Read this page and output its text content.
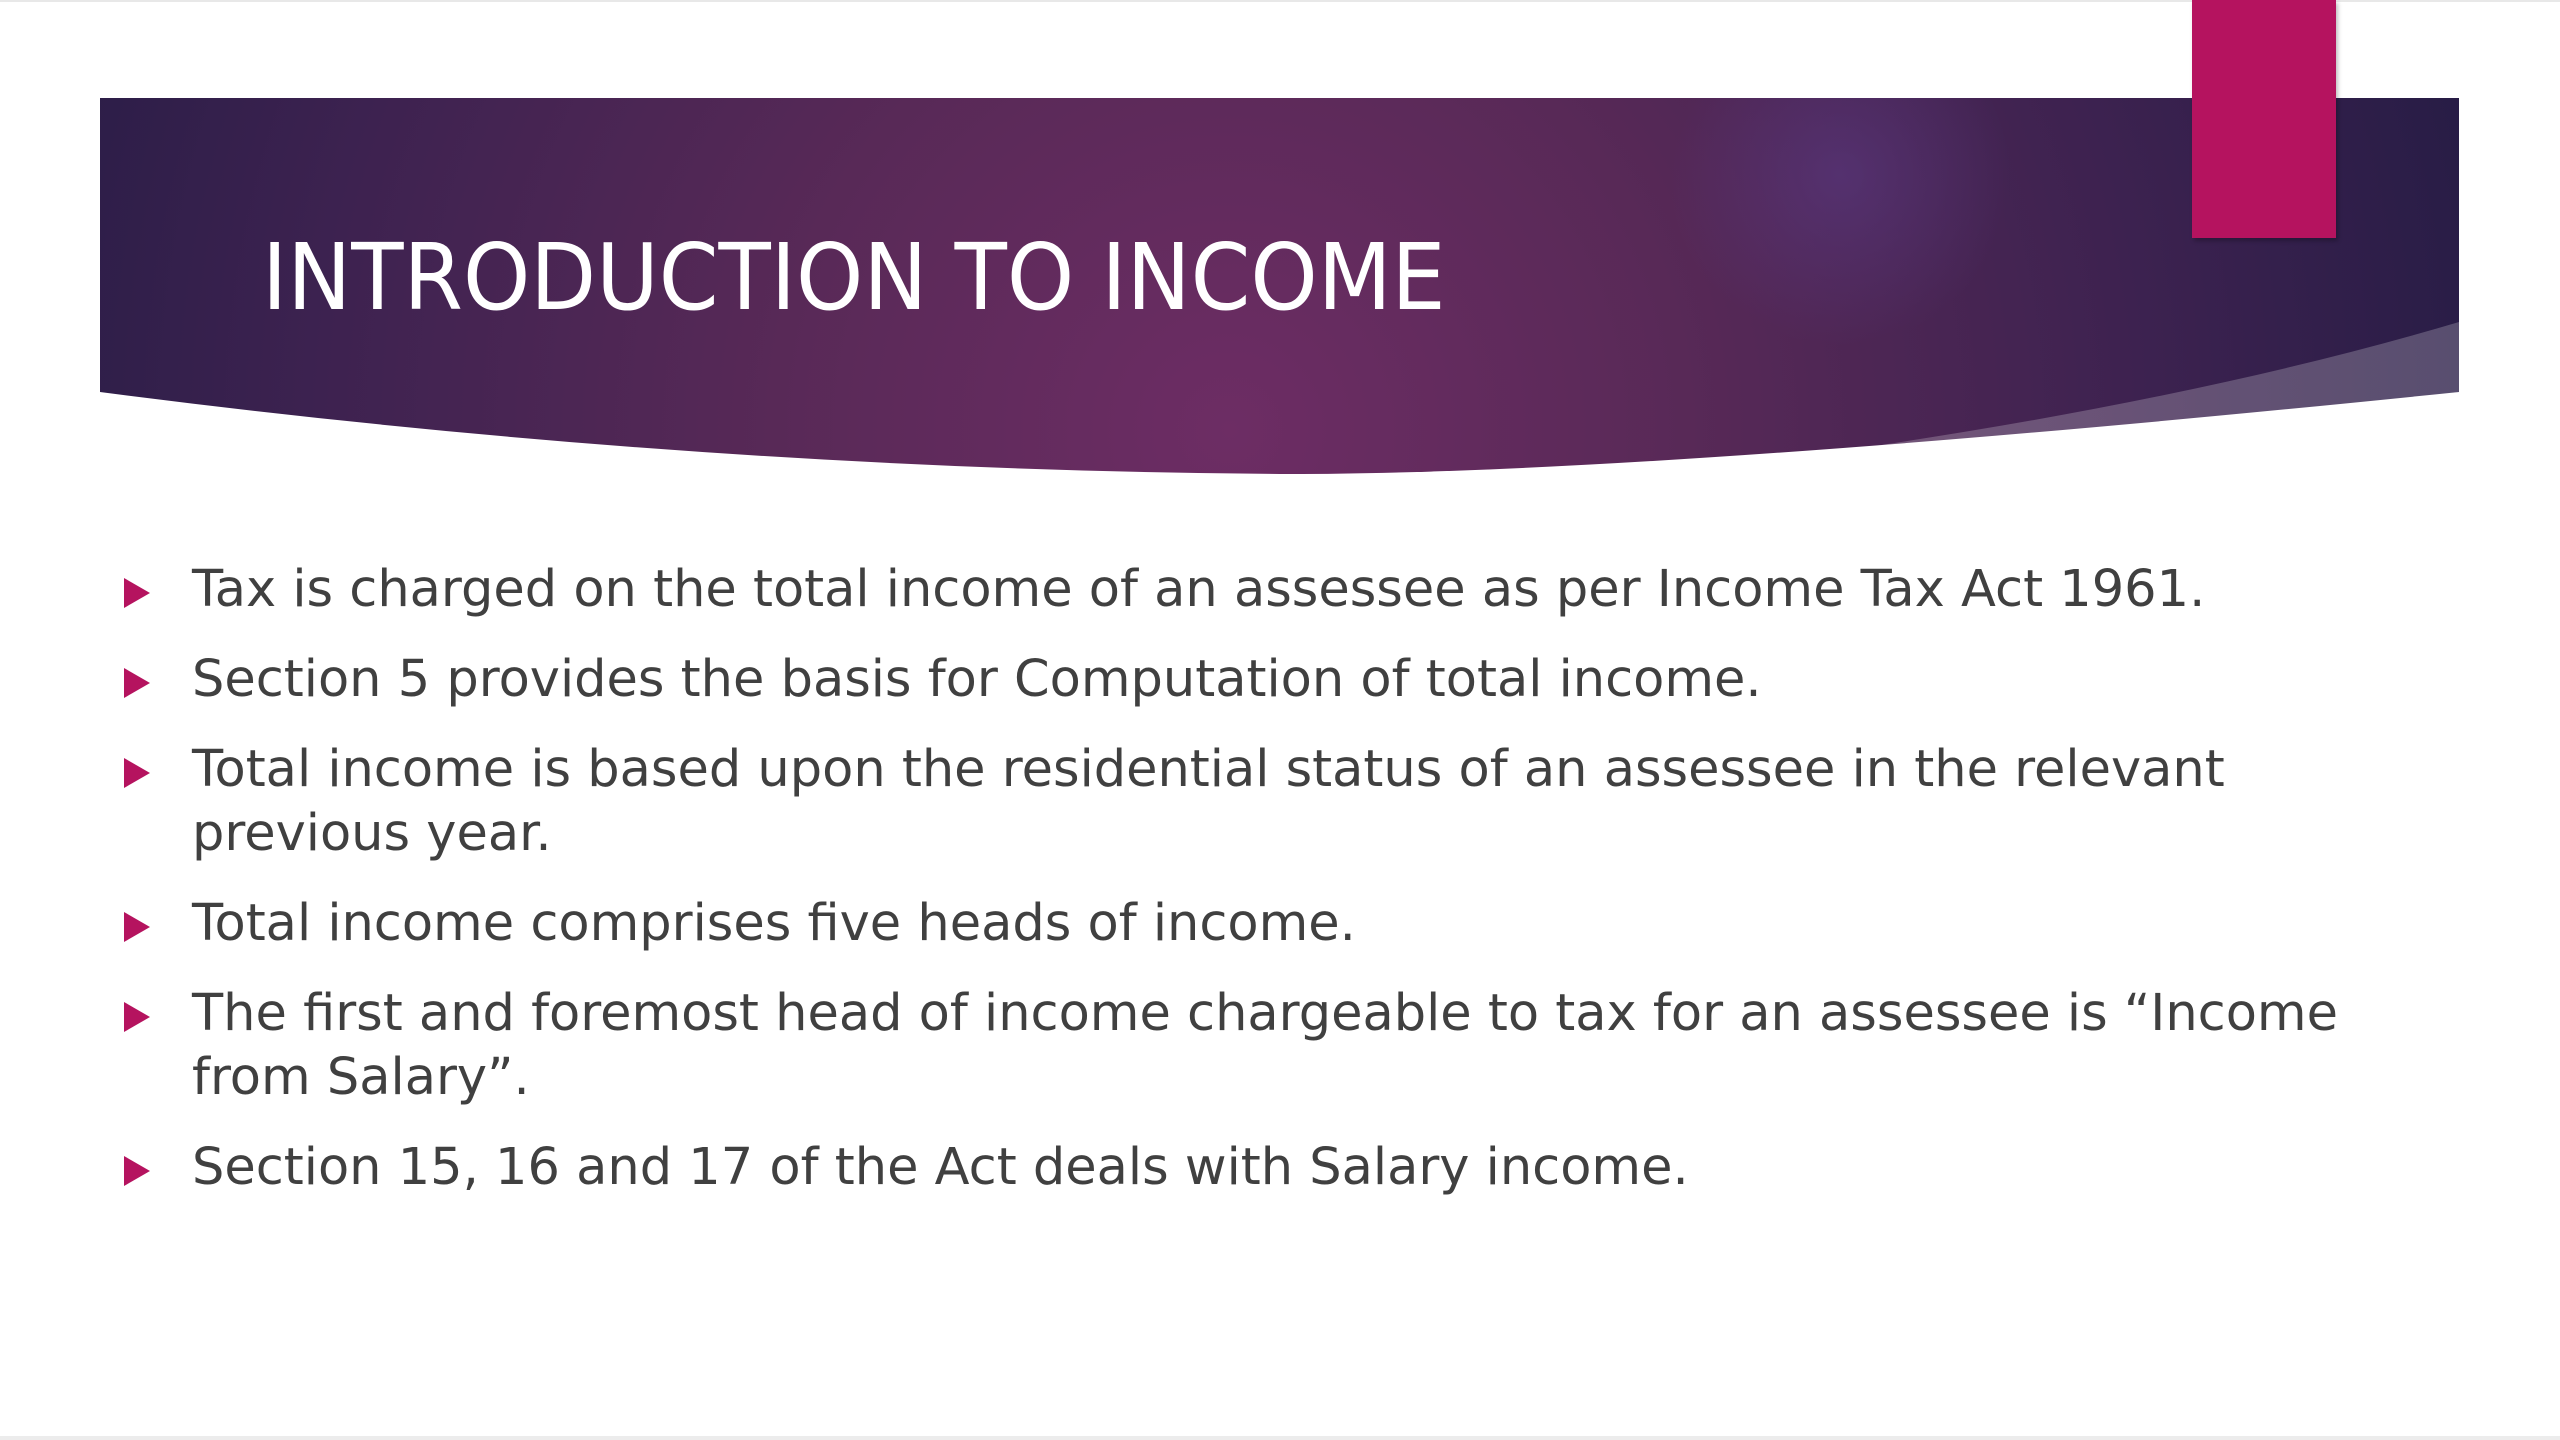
INTRODUCTION TO INCOME
Tax is charged on the total income of an assessee as per Income Tax Act 1961.
Section 5 provides the basis for Computation of total income.
Total income is based upon the residential status of an assessee in the relevant previous year.
Total income comprises five heads of income.
The first and foremost head of income chargeable to tax for an assessee is “Income from Salary”.
Section 15, 16 and 17 of the Act deals with Salary income.
